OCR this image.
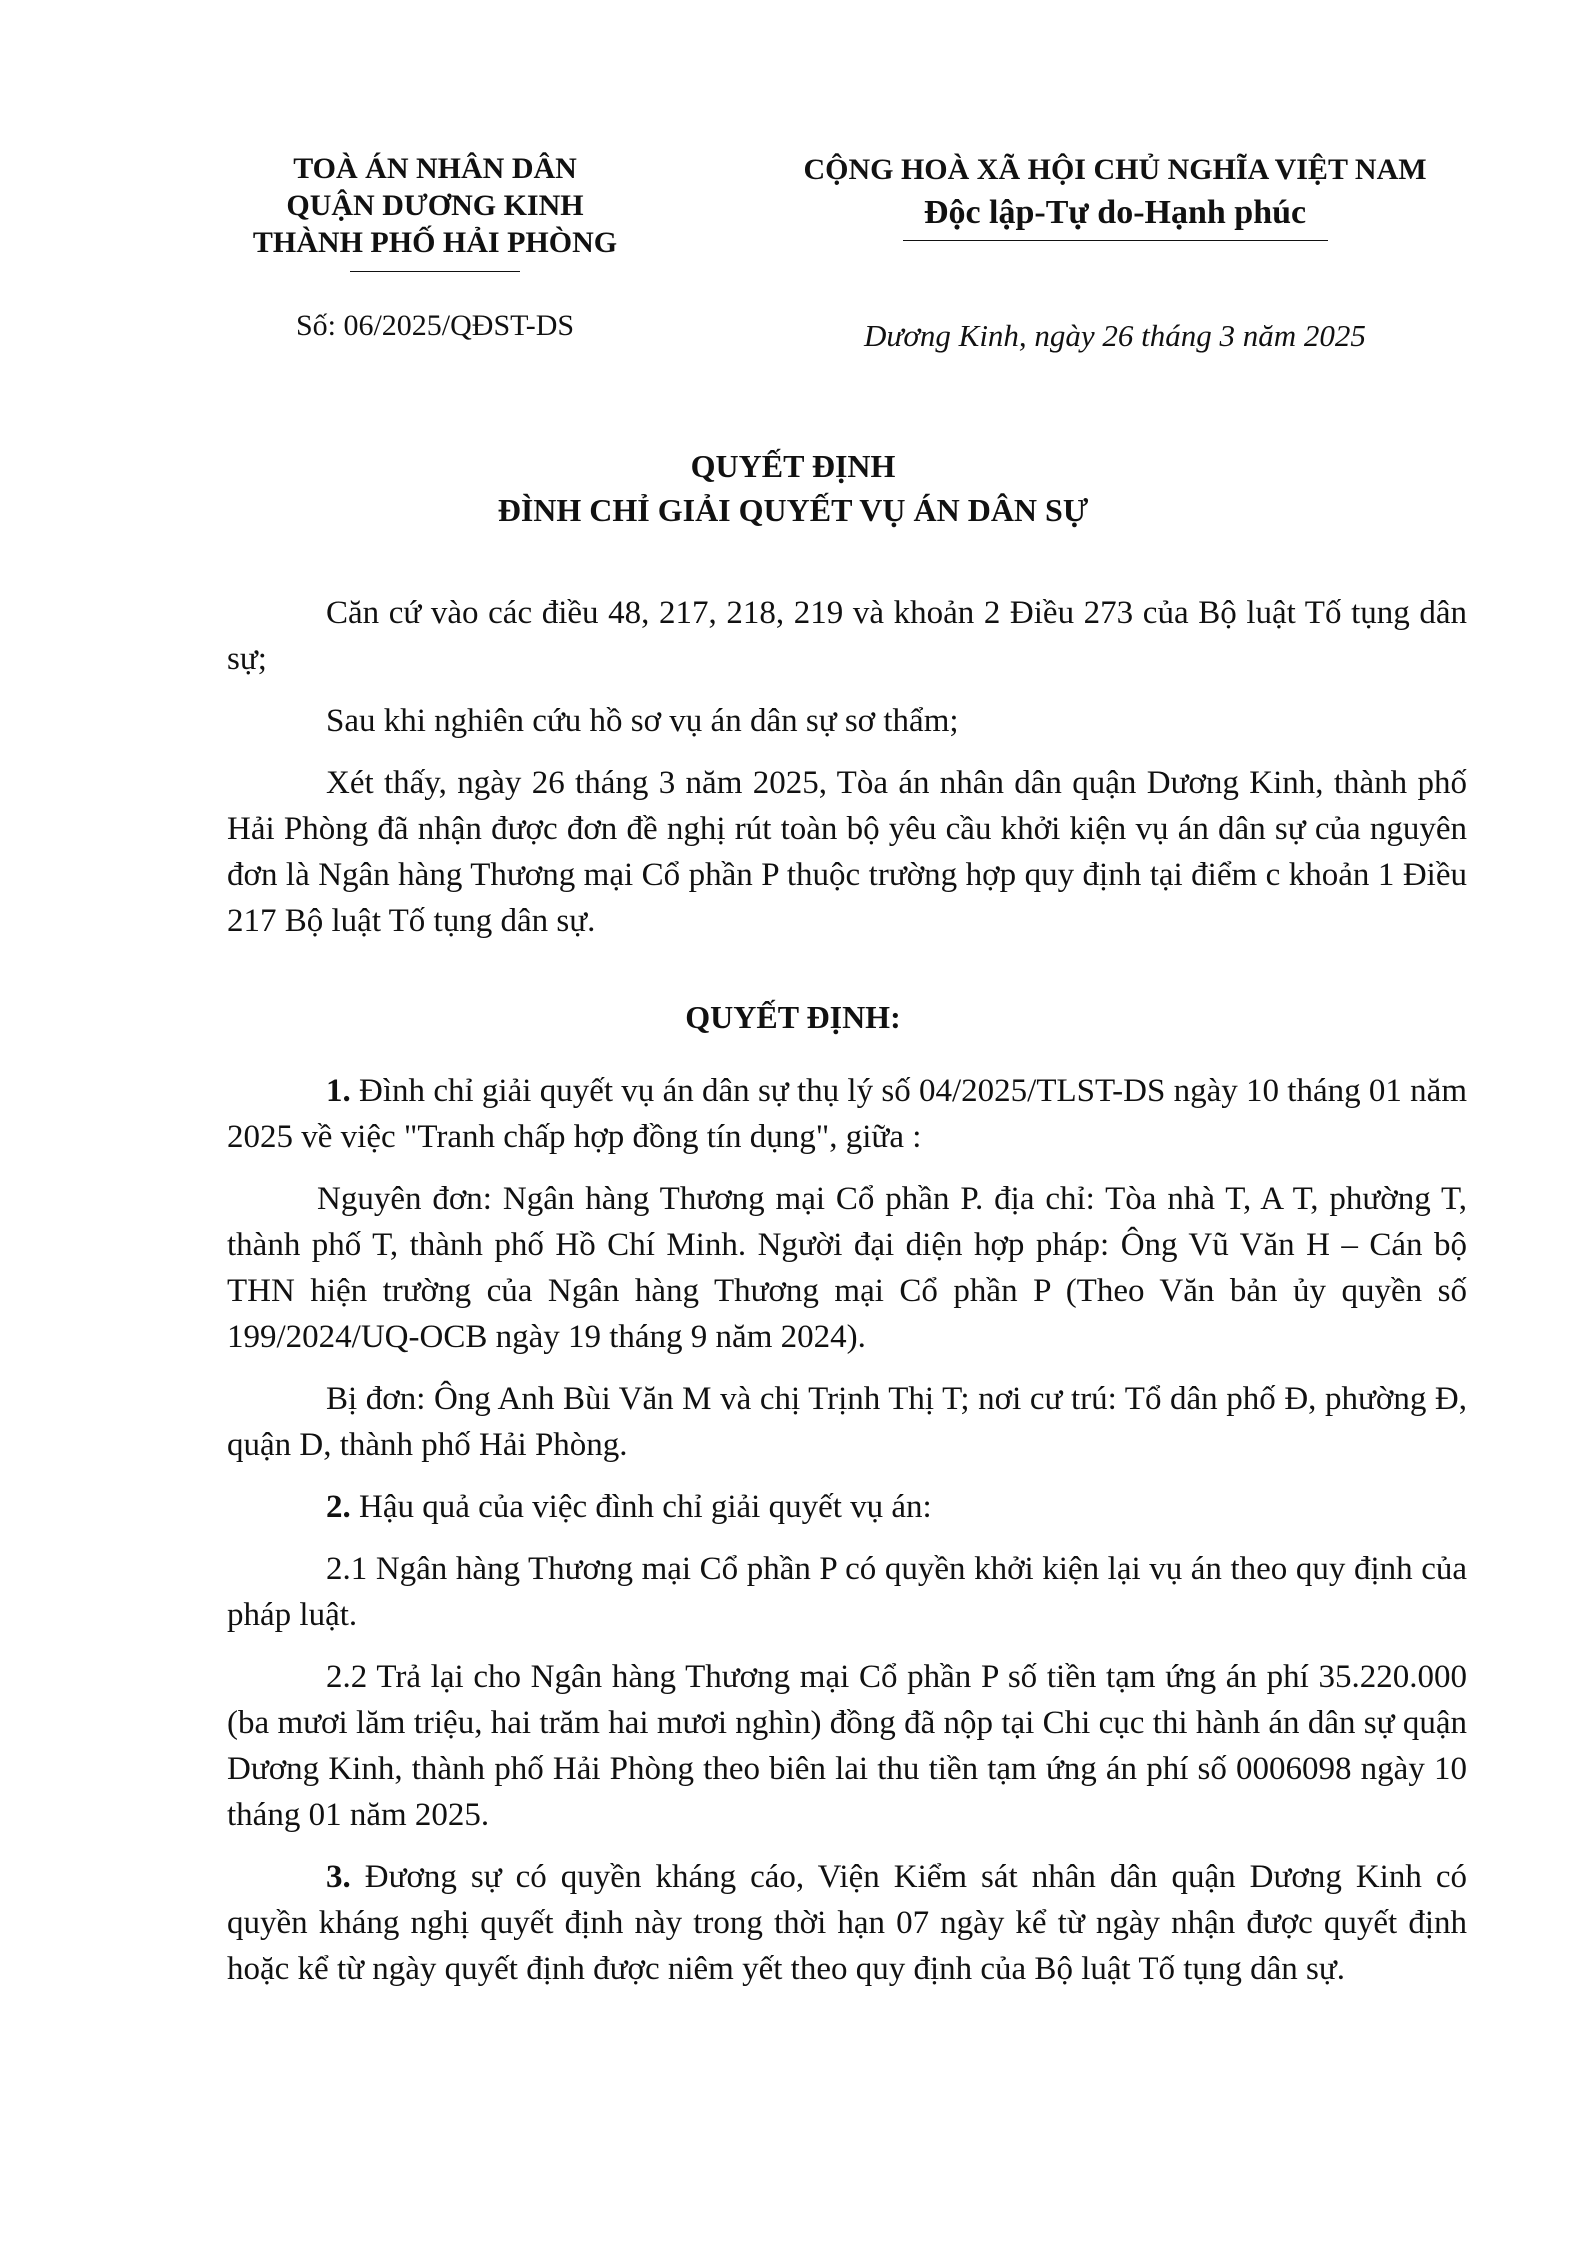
TOÀ ÁN NHÂN DÂN
QUẬN DƯƠNG KINH
THÀNH PHỐ HẢI PHÒNG
CỘNG HOÀ XÃ HỘI CHỦ NGHĨA VIỆT NAM
Độc lập-Tự do-Hạnh phúc
Số: 06/2025/QĐST-DS	Dương Kinh, ngày 26 tháng 3 năm 2025
QUYẾT ĐỊNH
ĐÌNH CHỈ GIẢI QUYẾT VỤ ÁN DÂN SỰ

Căn cứ vào các điều 48, 217, 218, 219 và khoản 2 Điều 273 của Bộ luật Tố tụng dân sự;

Sau khi nghiên cứu hồ sơ vụ án dân sự sơ thẩm;

Xét thấy, ngày 26 tháng 3 năm 2025, Tòa án nhân dân quận Dương Kinh, thành phố Hải Phòng đã nhận được đơn đề nghị rút toàn bộ yêu cầu khởi kiện vụ án dân sự của nguyên đơn là Ngân hàng Thương mại Cổ phần P thuộc trường hợp quy định tại điểm c khoản 1 Điều 217 Bộ luật Tố tụng dân sự.

QUYẾT ĐỊNH:

1. Đình chỉ giải quyết vụ án dân sự thụ lý số 04/2025/TLST-DS ngày 10 tháng 01 năm 2025 về việc "Tranh chấp hợp đồng tín dụng", giữa :

Nguyên đơn: Ngân hàng Thương mại Cổ phần P. địa chỉ: Tòa nhà T, A T, phường T, thành phố T, thành phố Hồ Chí Minh. Người đại diện hợp pháp: Ông Vũ Văn H – Cán bộ THN hiện trường của Ngân hàng Thương mại Cổ phần P (Theo Văn bản ủy quyền số 199/2024/UQ-OCB ngày 19 tháng 9 năm 2024).

Bị đơn: Ông Anh Bùi Văn M và chị Trịnh Thị T; nơi cư trú: Tổ dân phố Đ, phường Đ, quận D, thành phố Hải Phòng.

2. Hậu quả của việc đình chỉ giải quyết vụ án:

2.1 Ngân hàng Thương mại Cổ phần P có quyền khởi kiện lại vụ án theo quy định của pháp luật.

2.2 Trả lại cho Ngân hàng Thương mại Cổ phần P số tiền tạm ứng án phí 35.220.000 (ba mươi lăm triệu, hai trăm hai mươi nghìn) đồng đã nộp tại Chi cục thi hành án dân sự quận Dương Kinh, thành phố Hải Phòng theo biên lai thu tiền tạm ứng án phí số 0006098 ngày 10 tháng 01 năm 2025.

3. Đương sự có quyền kháng cáo, Viện Kiểm sát nhân dân quận Dương Kinh có quyền kháng nghị quyết định này trong thời hạn 07 ngày kể từ ngày nhận được quyết định hoặc kể từ ngày quyết định được niêm yết theo quy định của Bộ luật Tố tụng dân sự.
